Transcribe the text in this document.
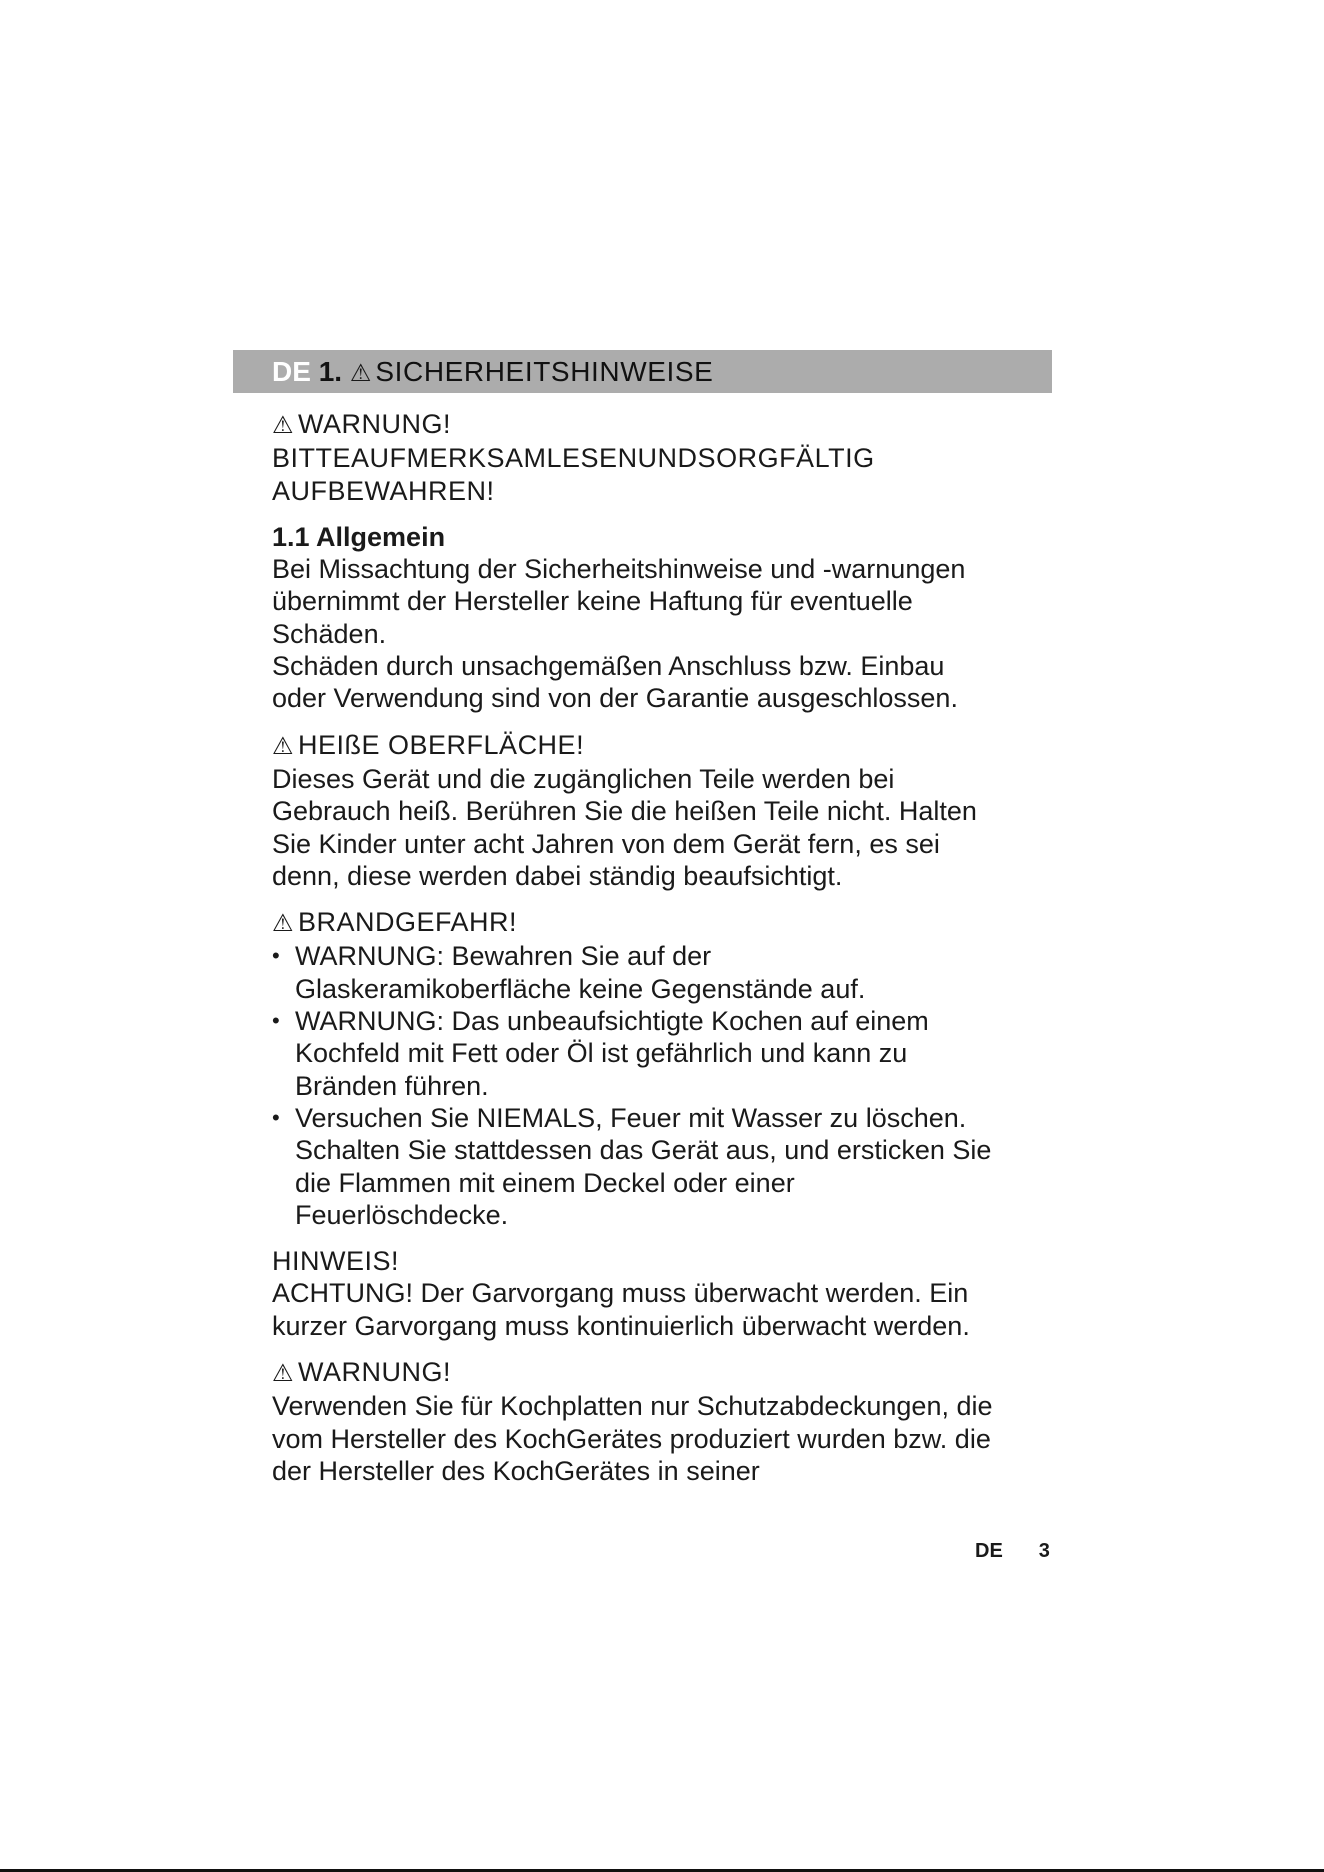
DE 1. ⚠ SICHERHEITSHINWEISE
⚠ WARNUNG!
BITTEAUFMERKSAMLESENUNDSORGFÄLTIG
AUFBEWAHREN!
1.1 Allgemein
Bei Missachtung der Sicherheitshinweise und -warnungen
übernimmt der Hersteller keine Haftung für eventuelle
Schäden.
Schäden durch unsachgemäßen Anschluss bzw. Einbau
oder Verwendung sind von der Garantie ausgeschlossen.
⚠ HEIßE OBERFLÄCHE!
Dieses Gerät und die zugänglichen Teile werden bei
Gebrauch heiß. Berühren Sie die heißen Teile nicht. Halten
Sie Kinder unter acht Jahren von dem Gerät fern, es sei
denn, diese werden dabei ständig beaufsichtigt.
⚠ BRANDGEFAHR!
• WARNUNG: Bewahren Sie auf der
Glaskeramikoberfläche keine Gegenstände auf.
• WARNUNG: Das unbeaufsichtigte Kochen auf einem
Kochfeld mit Fett oder Öl ist gefährlich und kann zu
Bränden führen.
• Versuchen Sie NIEMALS, Feuer mit Wasser zu löschen.
Schalten Sie stattdessen das Gerät aus, und ersticken Sie
die Flammen mit einem Deckel oder einer
Feuerlöschdecke.
HINWEIS!
ACHTUNG! Der Garvorgang muss überwacht werden. Ein
kurzer Garvorgang muss kontinuierlich überwacht werden.
⚠ WARNUNG!
Verwenden Sie für Kochplatten nur Schutzabdeckungen, die
vom Hersteller des KochGerätes produziert wurden bzw. die
der Hersteller des KochGerätes in seiner
DE 3
